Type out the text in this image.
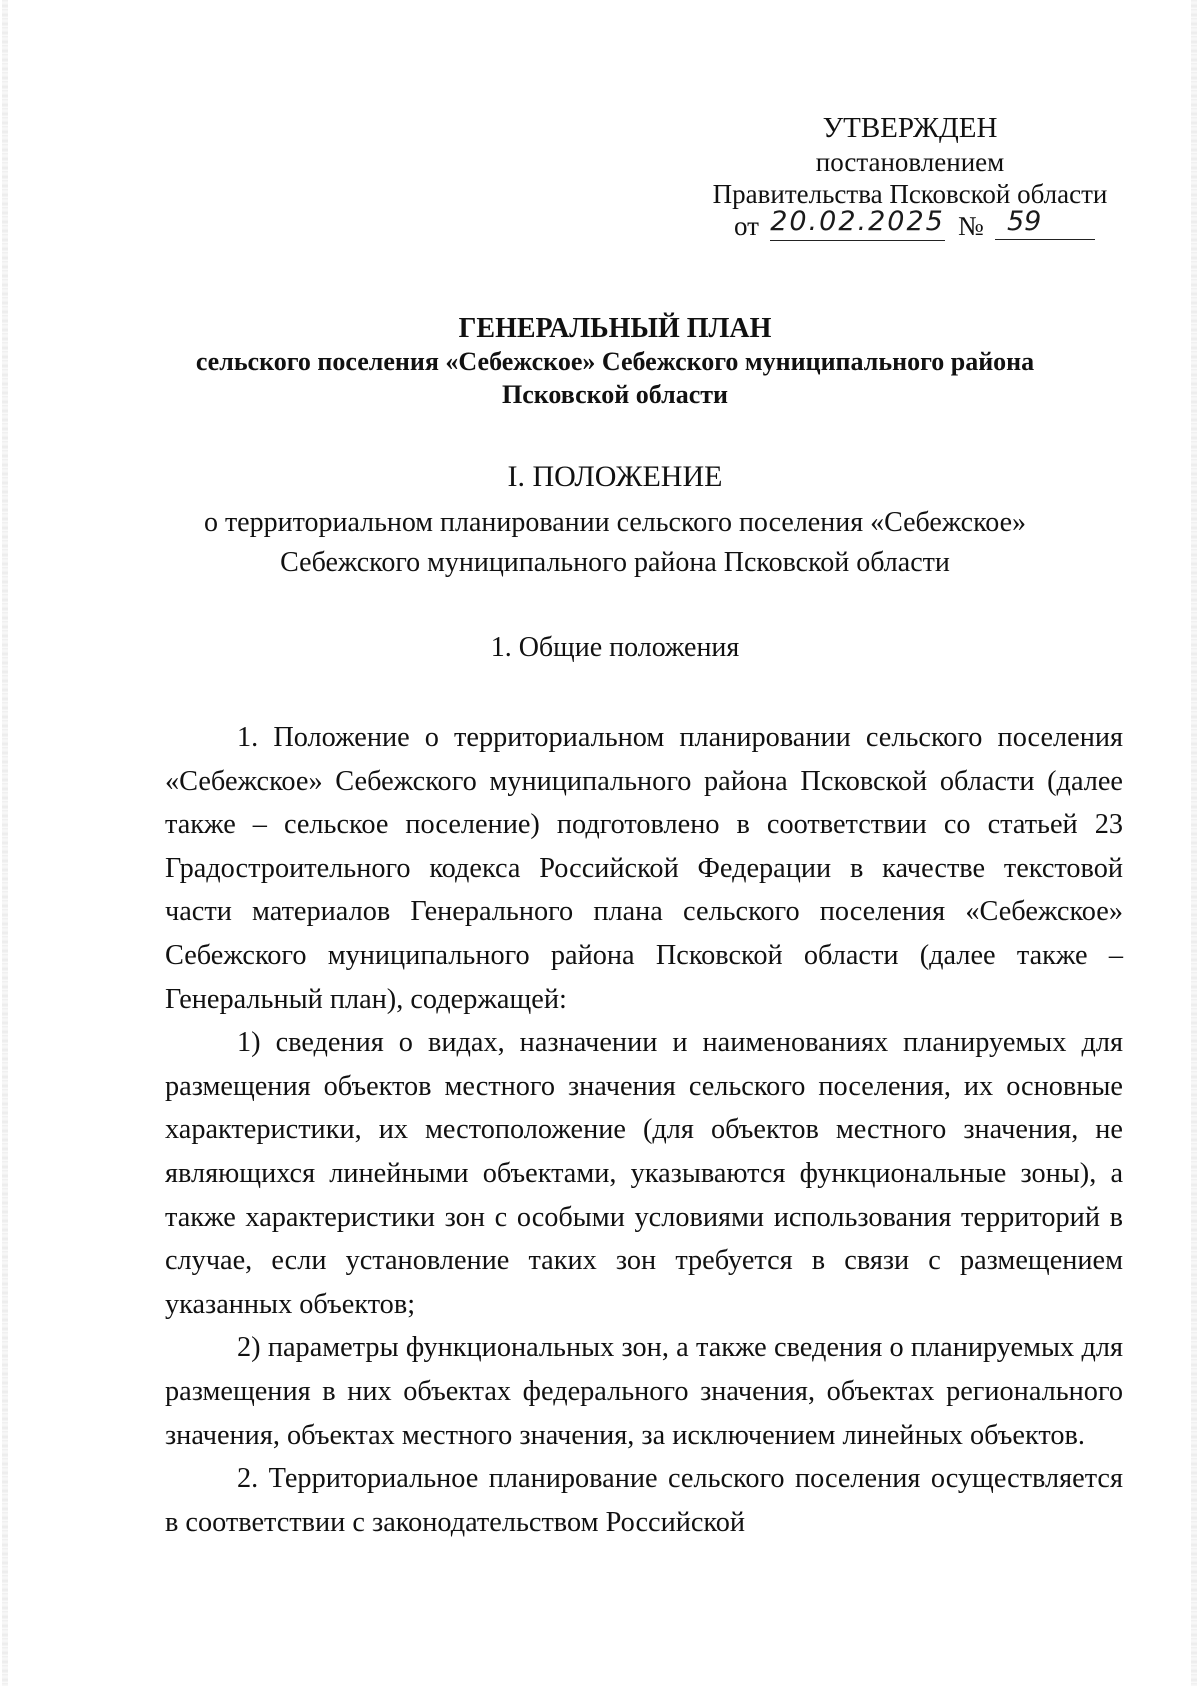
УТВЕРЖДЕН
постановлением
Правительства Псковской области
от 20.02.2025 № 59
ГЕНЕРАЛЬНЫЙ ПЛАН
сельского поселения «Себежское» Себежского муниципального района
Псковской области
I. ПОЛОЖЕНИЕ
о территориальном планировании сельского поселения «Себежское»
Себежского муниципального района Псковской области
1. Общие положения

1. Положение о территориальном планировании сельского поселения «Себежское» Себежского муниципального района Псковской области (далее также – сельское поселение) подготовлено в соответствии со статьей 23 Градостроительного кодекса Российской Федерации в качестве текстовой части материалов Генерального плана сельского поселения «Себежское» Себежского муниципального района Псковской области (далее также – Генеральный план), содержащей:

1) сведения о видах, назначении и наименованиях планируемых для размещения объектов местного значения сельского поселения, их основные характеристики, их местоположение (для объектов местного значения, не являющихся линейными объектами, указываются функциональные зоны), а также характеристики зон с особыми условиями использования территорий в случае, если установление таких зон требуется в связи с размещением указанных объектов;

2) параметры функциональных зон, а также сведения о планируемых для размещения в них объектах федерального значения, объектах регионального значения, объектах местного значения, за исключением линейных объектов.

2. Территориальное планирование сельского поселения осуществляется в соответствии с законодательством Российской
